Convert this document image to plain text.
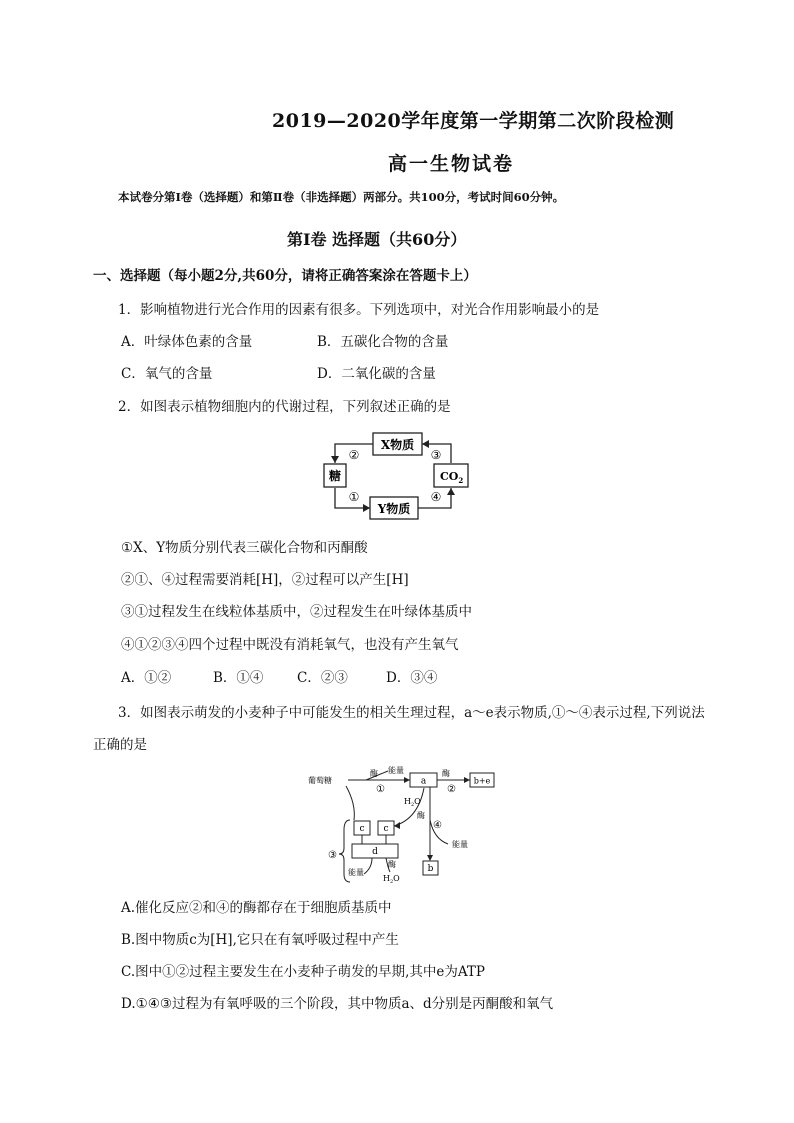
2019—2020学年度第一学期第二次阶段检测
高一生物试卷
本试卷分第Ⅰ卷（选择题）和第Ⅱ卷（非选择题）两部分。共100分，考试时间60分钟。
第Ⅰ卷 选择题（共60分）
一、选择题（每小题2分,共60分，请将正确答案涂在答题卡上）
1．影响植物进行光合作用的因素有很多。下列选项中，对光合作用影响最小的是
A．叶绿体色素的含量	B．五碳化合物的含量
C．氧气的含量	D．二氧化碳的含量
2．如图表示植物细胞内的代谢过程，下列叙述正确的是
X物质
Y物质
糖	$CO_2$
②	③
①	④
①X、Y物质分别代表三碳化合物和丙酮酸
②①、④过程需要消耗[H]，②过程可以产生[H]
③①过程发生在线粒体基质中，②过程发生在叶绿体基质中
④①②③④四个过程中既没有消耗氧气，也没有产生氧气
A．①②	B．①④ C．②③	D．③④
3．如图表示萌发的小麦种子中可能发生的相关生理过程，a～e表示物质,①～④表示过程,下列说法
正确的是
葡萄糖
酶 能量
①
a
酶
b+e
②
$H_2O$
酶
④
能量
b
c c
d
酶
能量
$H_2O$
③
A.催化反应②和④的酶都存在于细胞质基质中
B.图中物质c为[H],它只在有氧呼吸过程中产生
C.图中①②过程主要发生在小麦种子萌发的早期,其中e为ATP
D.①④③过程为有氧呼吸的三个阶段，其中物质a、d分别是丙酮酸和氧气
